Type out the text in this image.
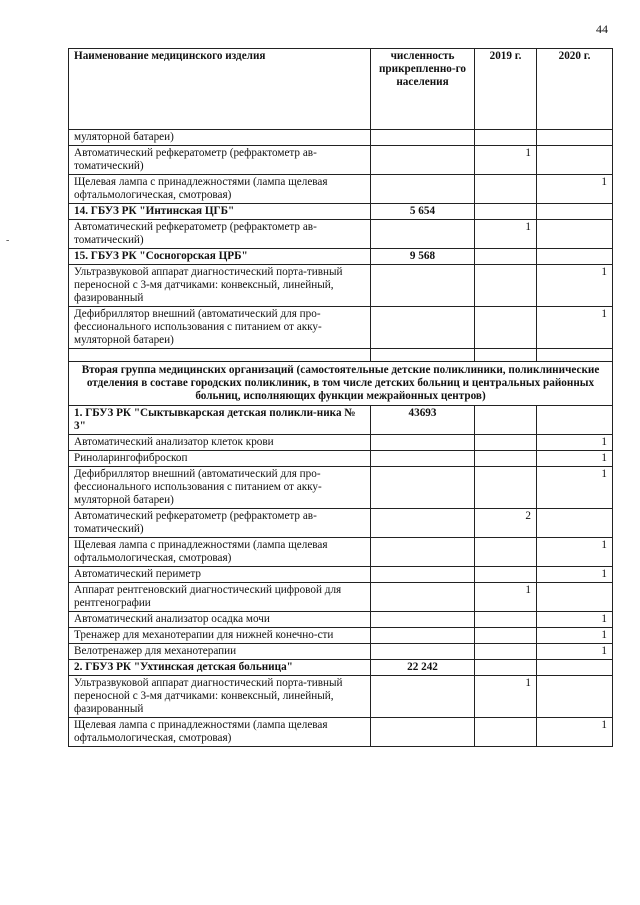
44
-
Наименование медицинского изделия	численность прикрепленно-го населения	2019 г.	2020 г.
муляторной батареи)			
Автоматический рефкератометр (рефрактометр ав-томатический)		1	
Щелевая лампа с принадлежностями (лампа щелевая офтальмологическая, смотровая)			1
14. ГБУЗ РК "Интинская ЦГБ"	5 654		
Автоматический рефкератометр (рефрактометр ав-томатический)		1	
15. ГБУЗ РК "Сосногорская ЦРБ"	9 568		
Ультразвуковой аппарат диагностический порта-тивный переносной с 3-мя датчиками: конвексный, линейный, фазированный			1
Дефибриллятор внешний (автоматический для про-фессионального использования с питанием от акку-муляторной батареи)			1

Вторая группа медицинских организаций (самостоятельные детские поликлиники, поликлинические отделения в составе городских поликлиник, в том числе детских больниц и центральных районных больниц, исполняющих функции межрайонных центров)			
1. ГБУЗ РК "Сыктывкарская детская поликли-ника № 3"	43693		
Автоматический анализатор клеток крови			1
Риноларингофиброскоп			1
Дефибриллятор внешний (автоматический для про-фессионального использования с питанием от акку-муляторной батареи)			1
Автоматический рефкератометр (рефрактометр ав-томатический)		2	
Щелевая лампа с принадлежностями (лампа щелевая офтальмологическая, смотровая)			1
Автоматический периметр			1
Аппарат рентгеновский диагностический цифровой для рентгенографии		1	
Автоматический анализатор осадка мочи			1
Тренажер для механотерапии для нижней конечно-сти			1
Велотренажер для механотерапии			1
2. ГБУЗ РК "Ухтинская детская больница"	22 242		
Ультразвуковой аппарат диагностический порта-тивный переносной с 3-мя датчиками: конвексный, линейный, фазированный		1	
Щелевая лампа с принадлежностями (лампа щелевая офтальмологическая, смотровая)			1
